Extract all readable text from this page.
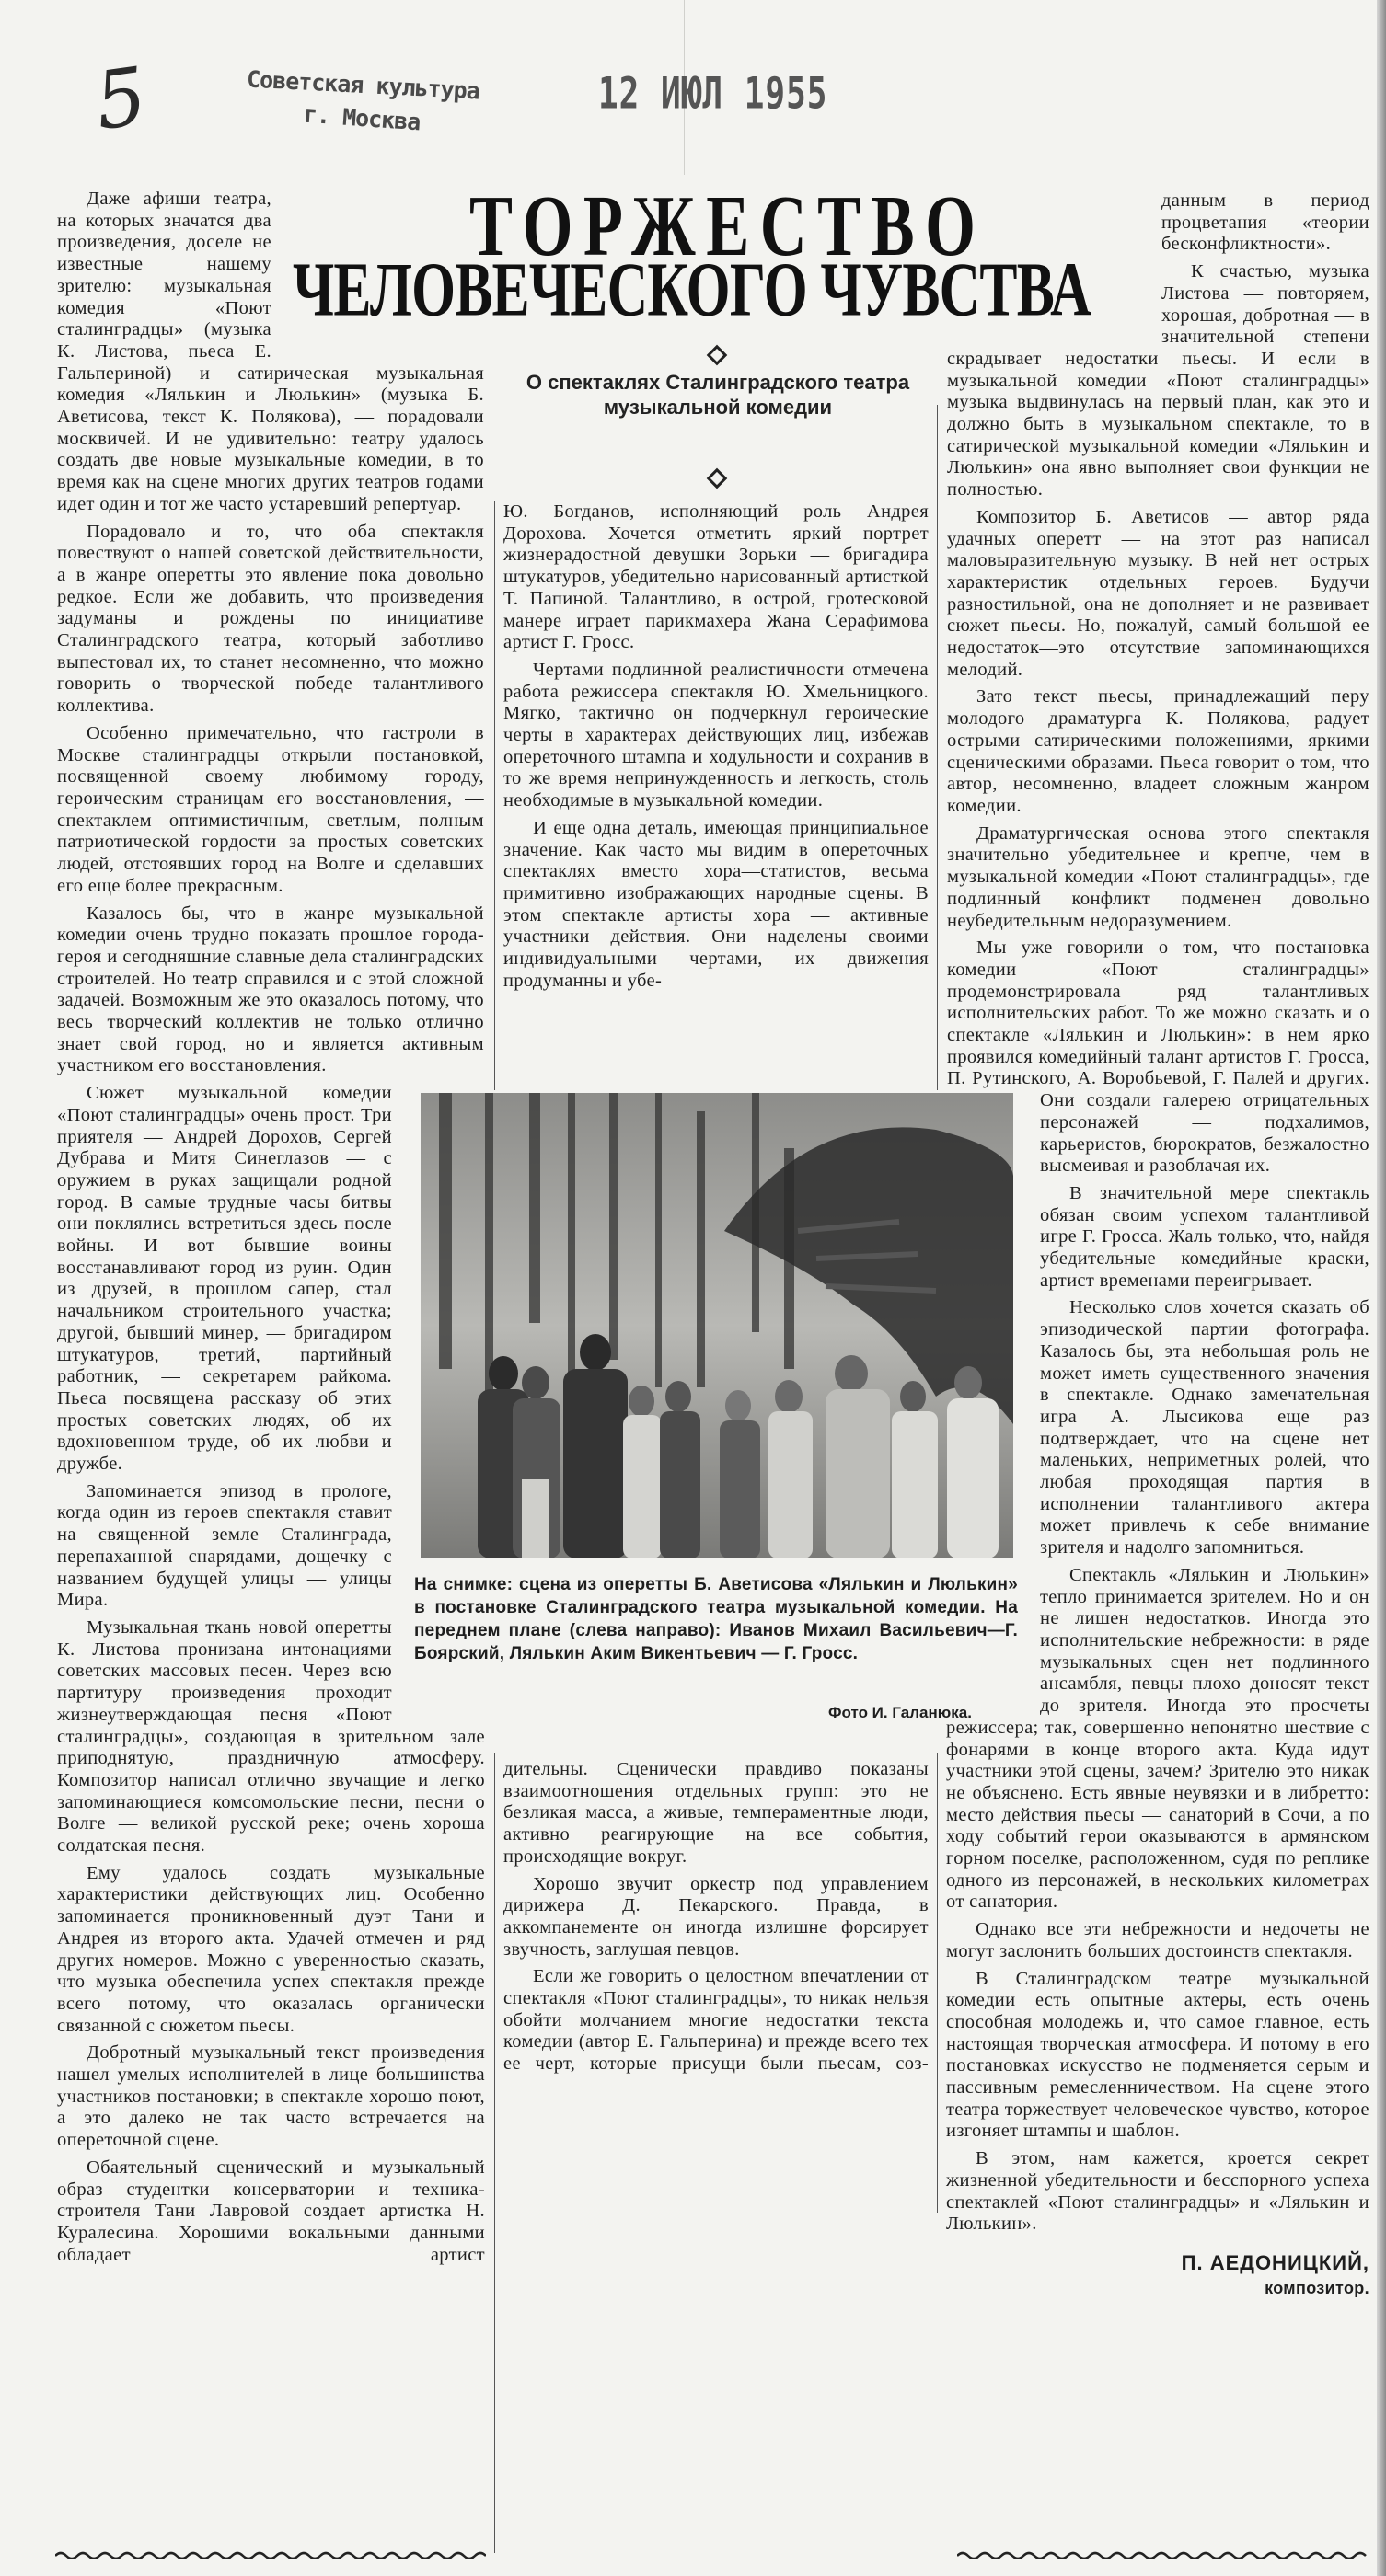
5	Советская культура
г. Москва	12 ИЮЛ 1955
ТОРЖЕСТВО
ЧЕЛОВЕЧЕСКОГО ЧУВСТВА
О спектаклях Сталинградского театра музыкальной комедии

Даже афиши театра, на которых значатся два произведения, доселе не известные нашему зрителю: музыкальная комедия «Поют сталинградцы» (музыка К. Листова, пьеса Е. Гальпериной) и сатирическая музыкальная комедия «Лялькин и Люлькин» (музыка Б. Аветисова, текст К. Полякова), — порадовали москвичей. И не удивительно: театру удалось создать две новые музыкальные комедии, в то время как на сцене многих других театров годами идет один и тот же часто устаревший репертуар.

Порадовало и то, что оба спектакля повествуют о нашей советской действительности, а в жанре оперетты это явление пока довольно редкое. Если же добавить, что произведения задуманы и рождены по инициативе Сталинградского театра, который заботливо выпестовал их, то станет несомненно, что можно говорить о творческой победе талантливого коллектива.

Особенно примечательно, что гастроли в Москве сталинградцы открыли постановкой, посвященной своему любимому городу, героическим страницам его восстановления, — спектаклем оптимистичным, светлым, полным патриотической гордости за простых советских людей, отстоявших город на Волге и сделавших его еще более прекрасным.

Казалось бы, что в жанре музыкальной комедии очень трудно показать прошлое города-героя и сегодняшние славные дела сталинградских строителей. Но театр справился и с этой сложной задачей. Возможным же это оказалось потому, что весь творческий коллектив не только отлично знает свой город, но и является активным участником его восстановления.

Сюжет музыкальной комедии «Поют сталинградцы» очень прост. Три приятеля — Андрей Дорохов, Сергей Дубрава и Митя Синеглазов — с оружием в руках защищали родной город. В самые трудные часы битвы они поклялись встретиться здесь после войны. И вот бывшие воины восстанавливают город из руин. Один из друзей, в прошлом сапер, стал начальником строительного участка; другой, бывший минер, — бригадиром штукатуров, третий, партийный работник, — секретарем райкома. Пьеса посвящена рассказу об этих простых советских людях, об их вдохновенном труде, об их любви и дружбе.

Запоминается эпизод в прологе, когда один из героев спектакля ставит на священной земле Сталинграда, перепаханной снарядами, дощечку с названием будущей улицы — улицы Мира.

Музыкальная ткань новой оперетты К. Листова пронизана интонациями советских массовых песен. Через всю партитуру произведения проходит жизнеутверждающая песня «Поют сталинградцы», создающая в зрительном зале приподнятую, праздничную атмосферу. Композитор написал отлично звучащие и легко запоминающиеся комсомольские песни, песни о Волге — великой русской реке; очень хороша солдатская песня.

Ему удалось создать музыкальные характеристики действующих лиц. Особенно запоминается проникновенный дуэт Тани и Андрея из второго акта. Удачей отмечен и ряд других номеров. Можно с уверенностью сказать, что музыка обеспечила успех спектакля прежде всего потому, что оказалась органически связанной с сюжетом пьесы.

Добротный музыкальный текст произведения нашел умелых исполнителей в лице большинства участников постановки; в спектакле хорошо поют, а это далеко не так часто встречается на опереточной сцене.

Обаятельный сценический и музыкальный образ студентки консерватории и техника-строителя Тани Лавровой создает артистка Н. Куралесина. Хорошими вокальными данными обладает артист

Ю. Богданов, исполняющий роль Андрея Дорохова. Хочется отметить яркий портрет жизнерадостной девушки Зорьки — бригадира штукатуров, убедительно нарисованный артисткой Т. Папиной. Талантливо, в острой, гротесковой манере играет парикмахера Жана Серафимова артист Г. Гросс.

Чертами подлинной реалистичности отмечена работа режиссера спектакля Ю. Хмельницкого. Мягко, тактично он подчеркнул героические черты в характерах действующих лиц, избежав опереточного штампа и ходульности и сохранив в то же время непринужденность и легкость, столь необходимые в музыкальной комедии.

И еще одна деталь, имеющая принципиальное значение. Как часто мы видим в опереточных спектаклях вместо хора—статистов, весьма примитивно изображающих народные сцены. В этом спектакле артисты хора — активные участники действия. Они наделены своими индивидуальными чертами, их движения продуманны и убе-

На снимке: сцена из оперетты Б. Аветисова «Лялькин и Люлькин» в постановке Сталинградского театра музыкальной комедии. На переднем плане (слева направо): Иванов Михаил Васильевич—Г. Боярский, Лялькин Аким Викентьевич — Г. Гросс.
Фото И. Галанюка.

дительны. Сценически правдиво показаны взаимоотношения отдельных групп: это не безликая масса, а живые, темпераментные люди, активно реагирующие на все события, происходящие вокруг.

Хорошо звучит оркестр под управлением дирижера Д. Пекарского. Правда, в аккомпанементе он иногда излишне форсирует звучность, заглушая певцов.

Если же говорить о целостном впечатлении от спектакля «Поют сталинградцы», то никак нельзя обойти молчанием многие недостатки текста комедии (автор Е. Гальперина) и прежде всего тех ее черт, которые присущи были пьесам, соз-

данным в период процветания «теории бесконфликтности».

К счастью, музыка Листова — повторяем, хорошая, добротная — в значительной степени скрадывает недостатки пьесы. И если в музыкальной комедии «Поют сталинградцы» музыка выдвинулась на первый план, как это и должно быть в музыкальном спектакле, то в сатирической музыкальной комедии «Лялькин и Люлькин» она явно выполняет свои функции не полностью.

Композитор Б. Аветисов — автор ряда удачных оперетт — на этот раз написал маловыразительную музыку. В ней нет острых характеристик отдельных героев. Будучи разностильной, она не дополняет и не развивает сюжет пьесы. Но, пожалуй, самый большой ее недостаток—это отсутствие запоминающихся мелодий.

Зато текст пьесы, принадлежащий перу молодого драматурга К. Полякова, радует острыми сатирическими положениями, яркими сценическими образами. Пьеса говорит о том, что автор, несомненно, владеет сложным жанром комедии.

Драматургическая основа этого спектакля значительно убедительнее и крепче, чем в музыкальной комедии «Поют сталинградцы», где подлинный конфликт подменен довольно неубедительным недоразумением.

Мы уже говорили о том, что постановка комедии «Поют сталинградцы» продемонстрировала ряд талантливых исполнительских работ. То же можно сказать и о спектакле «Лялькин и Люлькин»: в нем ярко проявился комедийный талант артистов Г. Гросса, П. Рутинского, А. Воробьевой, Г. Палей и других. Они создали галерею отрицательных персонажей — подхалимов, карьеристов, бюрократов, безжалостно высмеивая и разоблачая их.

В значительной мере спектакль обязан своим успехом талантливой игре Г. Гросса. Жаль только, что, найдя убедительные комедийные краски, артист временами переигрывает.

Несколько слов хочется сказать об эпизодической партии фотографа. Казалось бы, эта небольшая роль не может иметь существенного значения в спектакле. Однако замечательная игра А. Лысикова еще раз подтверждает, что на сцене нет маленьких, неприметных ролей, что любая проходящая партия в исполнении талантливого актера может привлечь к себе внимание зрителя и надолго запомниться.

Спектакль «Лялькин и Люлькин» тепло принимается зрителем. Но и он не лишен недостатков. Иногда это исполнительские небрежности: в ряде музыкальных сцен нет подлинного ансамбля, певцы плохо доносят текст до зрителя. Иногда это просчеты режиссера; так, совершенно непонятно шествие с фонарями в конце второго акта. Куда идут участники этой сцены, зачем? Зрителю это никак не объяснено. Есть явные неувязки и в либретто: место действия пьесы — санаторий в Сочи, а по ходу событий герои оказываются в армянском горном поселке, расположенном, судя по реплике одного из персонажей, в нескольких километрах от санатория.

Однако все эти небрежности и недочеты не могут заслонить больших достоинств спектакля.

В Сталинградском театре музыкальной комедии есть опытные актеры, есть очень способная молодежь и, что самое главное, есть настоящая творческая атмосфера. И потому в его постановках искусство не подменяется серым и пассивным ремесленничеством. На сцене этого театра торжествует человеческое чувство, которое изгоняет штампы и шаблон.

В этом, нам кажется, кроется секрет жизненной убедительности и бесспорного успеха спектаклей «Поют сталинградцы» и «Лялькин и Люлькин».

П. АЕДОНИЦКИЙ,
композитор.
